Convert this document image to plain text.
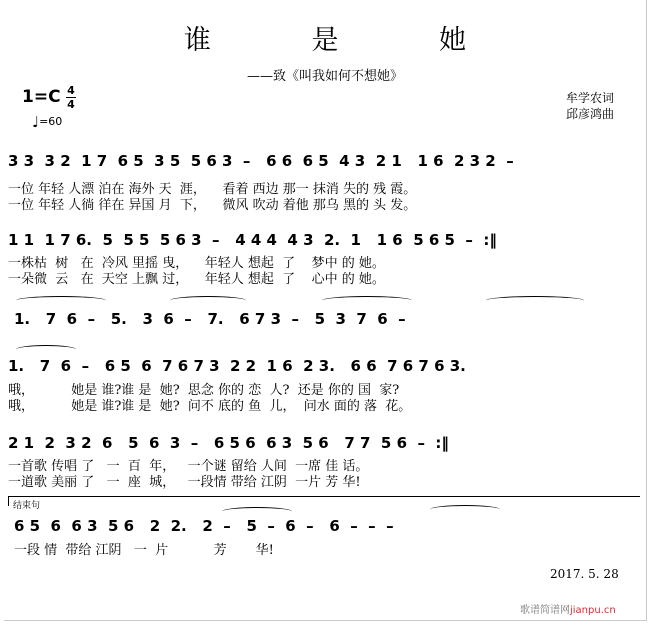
谁 是 她
——致《叫我如何不想她》
1=C 4
4
♩=60
牟学农词
邱彦鸿曲
3 3  3 2  1 7  6 5  3 5  5 6 3  –   6 6  6 5  4 3  2 1   1 6  2 3 2  –
一位 年轻 人漂 泊在 海外 天  涯，    看着 西边 那一 抹消 失的 残 霞。
一位 年轻 人徜 徉在 异国 月  下，    微风 吹动 着他 那乌 黑的 头 发。
1 1  1 7 6.  5  5 5  5 6 3  –   4 4 4  4 3  2.  1   1 6  5 6 5  –  :‖
一株枯  树   在  冷风 里摇 曳，    年轻人 想起  了    梦中 的 她。
一朵微  云   在  天空 上飘 过，    年轻人 想起  了    心中 的 她。
1.   7  6  –   5.   3  6  –   7.   6 7 3  –   5  3  7  6  –
1.   7  6  –   6 5  6  7 6 7 3  2 2  1 6  2 3.   6 6  7 6 7 6 3.
哦，         她是 谁?谁 是  她?  思念 你的 恋  人?  还是 你的 国  家?
哦，         她是 谁?谁 是  她?  问不 底的 鱼  儿，  问水 面的 落  花。
2 1  2  3 2  6   5  6  3  –   6 5 6  6 3  5 6   7 7  5 6  –  :‖
一首歌 传唱 了   一  百  年，   一个谜 留给 人间  一席 佳 话。
一道歌 美丽 了   一  座  城，   一段情 带给 江阴  一片 芳 华!
结束句
6 5  6  6 3  5 6   2  2.   2  –   5  –  6  –   6  –  –  –
一段 情  带给 江阴   一  片           芳       华!
2017. 5. 28
歌谱简谱网jianpu.cn
